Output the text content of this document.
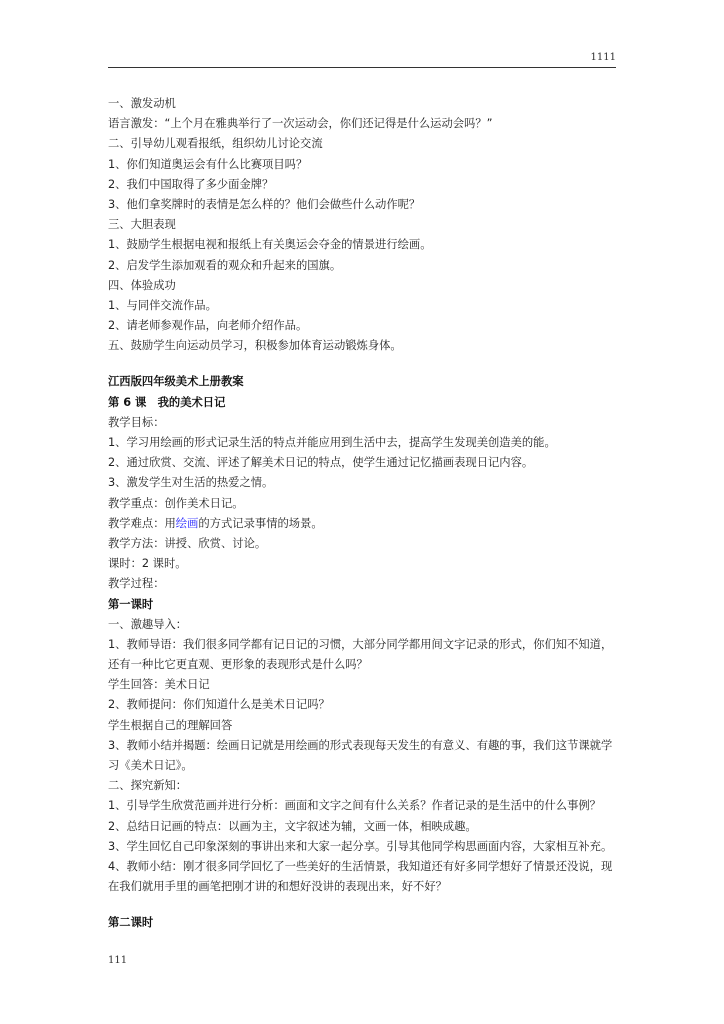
1111
一、激发动机
语言激发：“上个月在雅典举行了一次运动会，你们还记得是什么运动会吗？”
二、引导幼儿观看报纸，组织幼儿讨论交流
1、你们知道奥运会有什么比赛项目吗？
2、我们中国取得了多少面金牌？
3、他们拿奖牌时的表情是怎么样的？他们会做些什么动作呢？
三、大胆表现
1、鼓励学生根据电视和报纸上有关奥运会夺金的情景进行绘画。
2、启发学生添加观看的观众和升起来的国旗。
四、体验成功
1、与同伴交流作品。
2、请老师参观作品，向老师介绍作品。
五、鼓励学生向运动员学习，积极参加体育运动锻炼身体。
江西版四年级美术上册教案
第 6 课　我的美术日记
教学目标：
1、学习用绘画的形式记录生活的特点并能应用到生活中去，提高学生发现美创造美的能。
2、通过欣赏、交流、评述了解美术日记的特点，使学生通过记忆描画表现日记内容。
3、激发学生对生活的热爱之情。
教学重点：创作美术日记。
教学难点：用绘画的方式记录事情的场景。
教学方法：讲授、欣赏、讨论。
课时：2 课时。
教学过程：
第一课时
一、激趣导入：
1、教师导语：我们很多同学都有记日记的习惯，大部分同学都用间文字记录的形式，你们知不知道，还有一种比它更直观、更形象的表现形式是什么吗？
学生回答：美术日记
2、教师提问：你们知道什么是美术日记吗？
学生根据自己的理解回答
3、教师小结并揭题：绘画日记就是用绘画的形式表现每天发生的有意义、有趣的事，我们这节课就学习《美术日记》。
二、探究新知：
1、引导学生欣赏范画并进行分析：画面和文字之间有什么关系？作者记录的是生活中的什么事例？
2、总结日记画的特点：以画为主，文字叙述为辅，文画一体，相映成趣。
3、学生回忆自己印象深刻的事讲出来和大家一起分享。引导其他同学构思画面内容，大家相互补充。
4、教师小结：刚才很多同学回忆了一些美好的生活情景，我知道还有好多同学想好了情景还没说，现在我们就用手里的画笔把刚才讲的和想好没讲的表现出来，好不好？
第二课时
111
